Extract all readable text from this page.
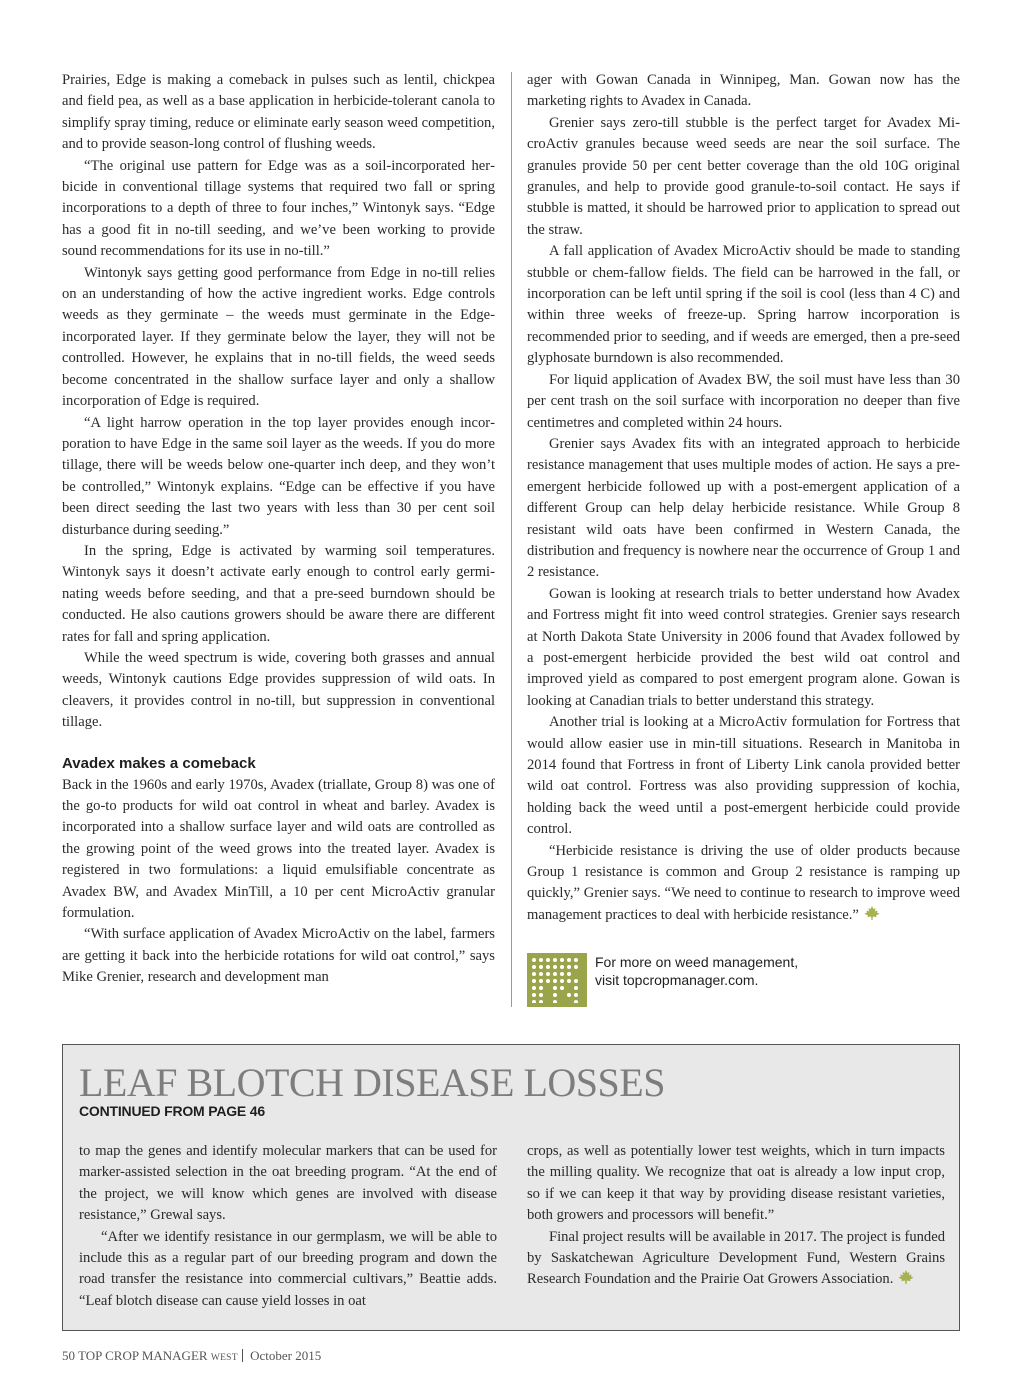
Prairies, Edge is making a comeback in pulses such as lentil, chickpea and field pea, as well as a base application in herbicide-tolerant canola to simplify spray timing, reduce or eliminate early season weed competition, and to provide season-long control of flushing weeds.

“The original use pattern for Edge was as a soil-incorporated herbicide in conventional tillage systems that required two fall or spring incorporations to a depth of three to four inches,” Wintonyk says. “Edge has a good fit in no-till seeding, and we’ve been working to provide sound recommendations for its use in no-till.”

Wintonyk says getting good performance from Edge in no-till relies on an understanding of how the active ingredient works. Edge controls weeds as they germinate – the weeds must germinate in the Edge-incorporated layer. If they germinate below the layer, they will not be controlled. However, he explains that in no-till fields, the weed seeds become concentrated in the shallow surface layer and only a shallow incorporation of Edge is required.

“A light harrow operation in the top layer provides enough incorporation to have Edge in the same soil layer as the weeds. If you do more tillage, there will be weeds below one-quarter inch deep, and they won’t be controlled,” Wintonyk explains. “Edge can be effective if you have been direct seeding the last two years with less than 30 per cent soil disturbance during seeding.”

In the spring, Edge is activated by warming soil temperatures. Wintonyk says it doesn’t activate early enough to control early germinating weeds before seeding, and that a pre-seed burndown should be conducted. He also cautions growers should be aware there are different rates for fall and spring application.

While the weed spectrum is wide, covering both grasses and annual weeds, Wintonyk cautions Edge provides suppression of wild oats. In cleavers, it provides control in no-till, but suppression in conventional tillage.

Avadex makes a comeback

Back in the 1960s and early 1970s, Avadex (triallate, Group 8) was one of the go-to products for wild oat control in wheat and barley. Avadex is incorporated into a shallow surface layer and wild oats are controlled as the growing point of the weed grows into the treated layer. Avadex is registered in two formulations: a liquid emulsifiable concentrate as Avadex BW, and Avadex MinTill, a 10 per cent MicroActiv granular formulation.

“With surface application of Avadex MicroActiv on the label, farmers are getting it back into the herbicide rotations for wild oat control,” says Mike Grenier, research and development man

ager with Gowan Canada in Winnipeg, Man. Gowan now has the marketing rights to Avadex in Canada.

Grenier says zero-till stubble is the perfect target for Avadex MicroActiv granules because weed seeds are near the soil surface. The granules provide 50 per cent better coverage than the old 10G original granules, and help to provide good granule-to-soil contact. He says if stubble is matted, it should be harrowed prior to application to spread out the straw.

A fall application of Avadex MicroActiv should be made to standing stubble or chem-fallow fields. The field can be harrowed in the fall, or incorporation can be left until spring if the soil is cool (less than 4 C) and within three weeks of freeze-up. Spring harrow incorporation is recommended prior to seeding, and if weeds are emerged, then a pre-seed glyphosate burndown is also recommended.

For liquid application of Avadex BW, the soil must have less than 30 per cent trash on the soil surface with incorporation no deeper than five centimetres and completed within 24 hours.

Grenier says Avadex fits with an integrated approach to herbicide resistance management that uses multiple modes of action. He says a pre-emergent herbicide followed up with a post-emergent application of a different Group can help delay herbicide resistance. While Group 8 resistant wild oats have been confirmed in Western Canada, the distribution and frequency is nowhere near the occurrence of Group 1 and 2 resistance.

Gowan is looking at research trials to better understand how Avadex and Fortress might fit into weed control strategies. Grenier says research at North Dakota State University in 2006 found that Avadex followed by a post-emergent herbicide provided the best wild oat control and improved yield as compared to post emergent program alone. Gowan is looking at Canadian trials to better understand this strategy.

Another trial is looking at a MicroActiv formulation for Fortress that would allow easier use in min-till situations. Research in Manitoba in 2014 found that Fortress in front of Liberty Link canola provided better wild oat control. Fortress was also providing suppression of kochia, holding back the weed until a post-emergent herbicide could provide control.

“Herbicide resistance is driving the use of older products because Group 1 resistance is common and Group 2 resistance is ramping up quickly,” Grenier says. “We need to continue to research to improve weed management practices to deal with herbicide resistance.”

For more on weed management,
visit topcropmanager.com.
LEAF BLOTCH DISEASE LOSSES
CONTINUED FROM PAGE 46

to map the genes and identify molecular markers that can be used for marker-assisted selection in the oat breeding program. “At the end of the project, we will know which genes are involved with disease resistance,” Grewal says.

“After we identify resistance in our germplasm, we will be able to include this as a regular part of our breeding program and down the road transfer the resistance into commercial cultivars,” Beattie adds. “Leaf blotch disease can cause yield losses in oat

crops, as well as potentially lower test weights, which in turn impacts the milling quality. We recognize that oat is already a low input crop, so if we can keep it that way by providing disease resistant varieties, both growers and processors will benefit.”

Final project results will be available in 2017. The project is funded by Saskatchewan Agriculture Development Fund, Western Grains Research Foundation and the Prairie Oat Growers Association.

50 TOP CROP MANAGER WEST October 2015
